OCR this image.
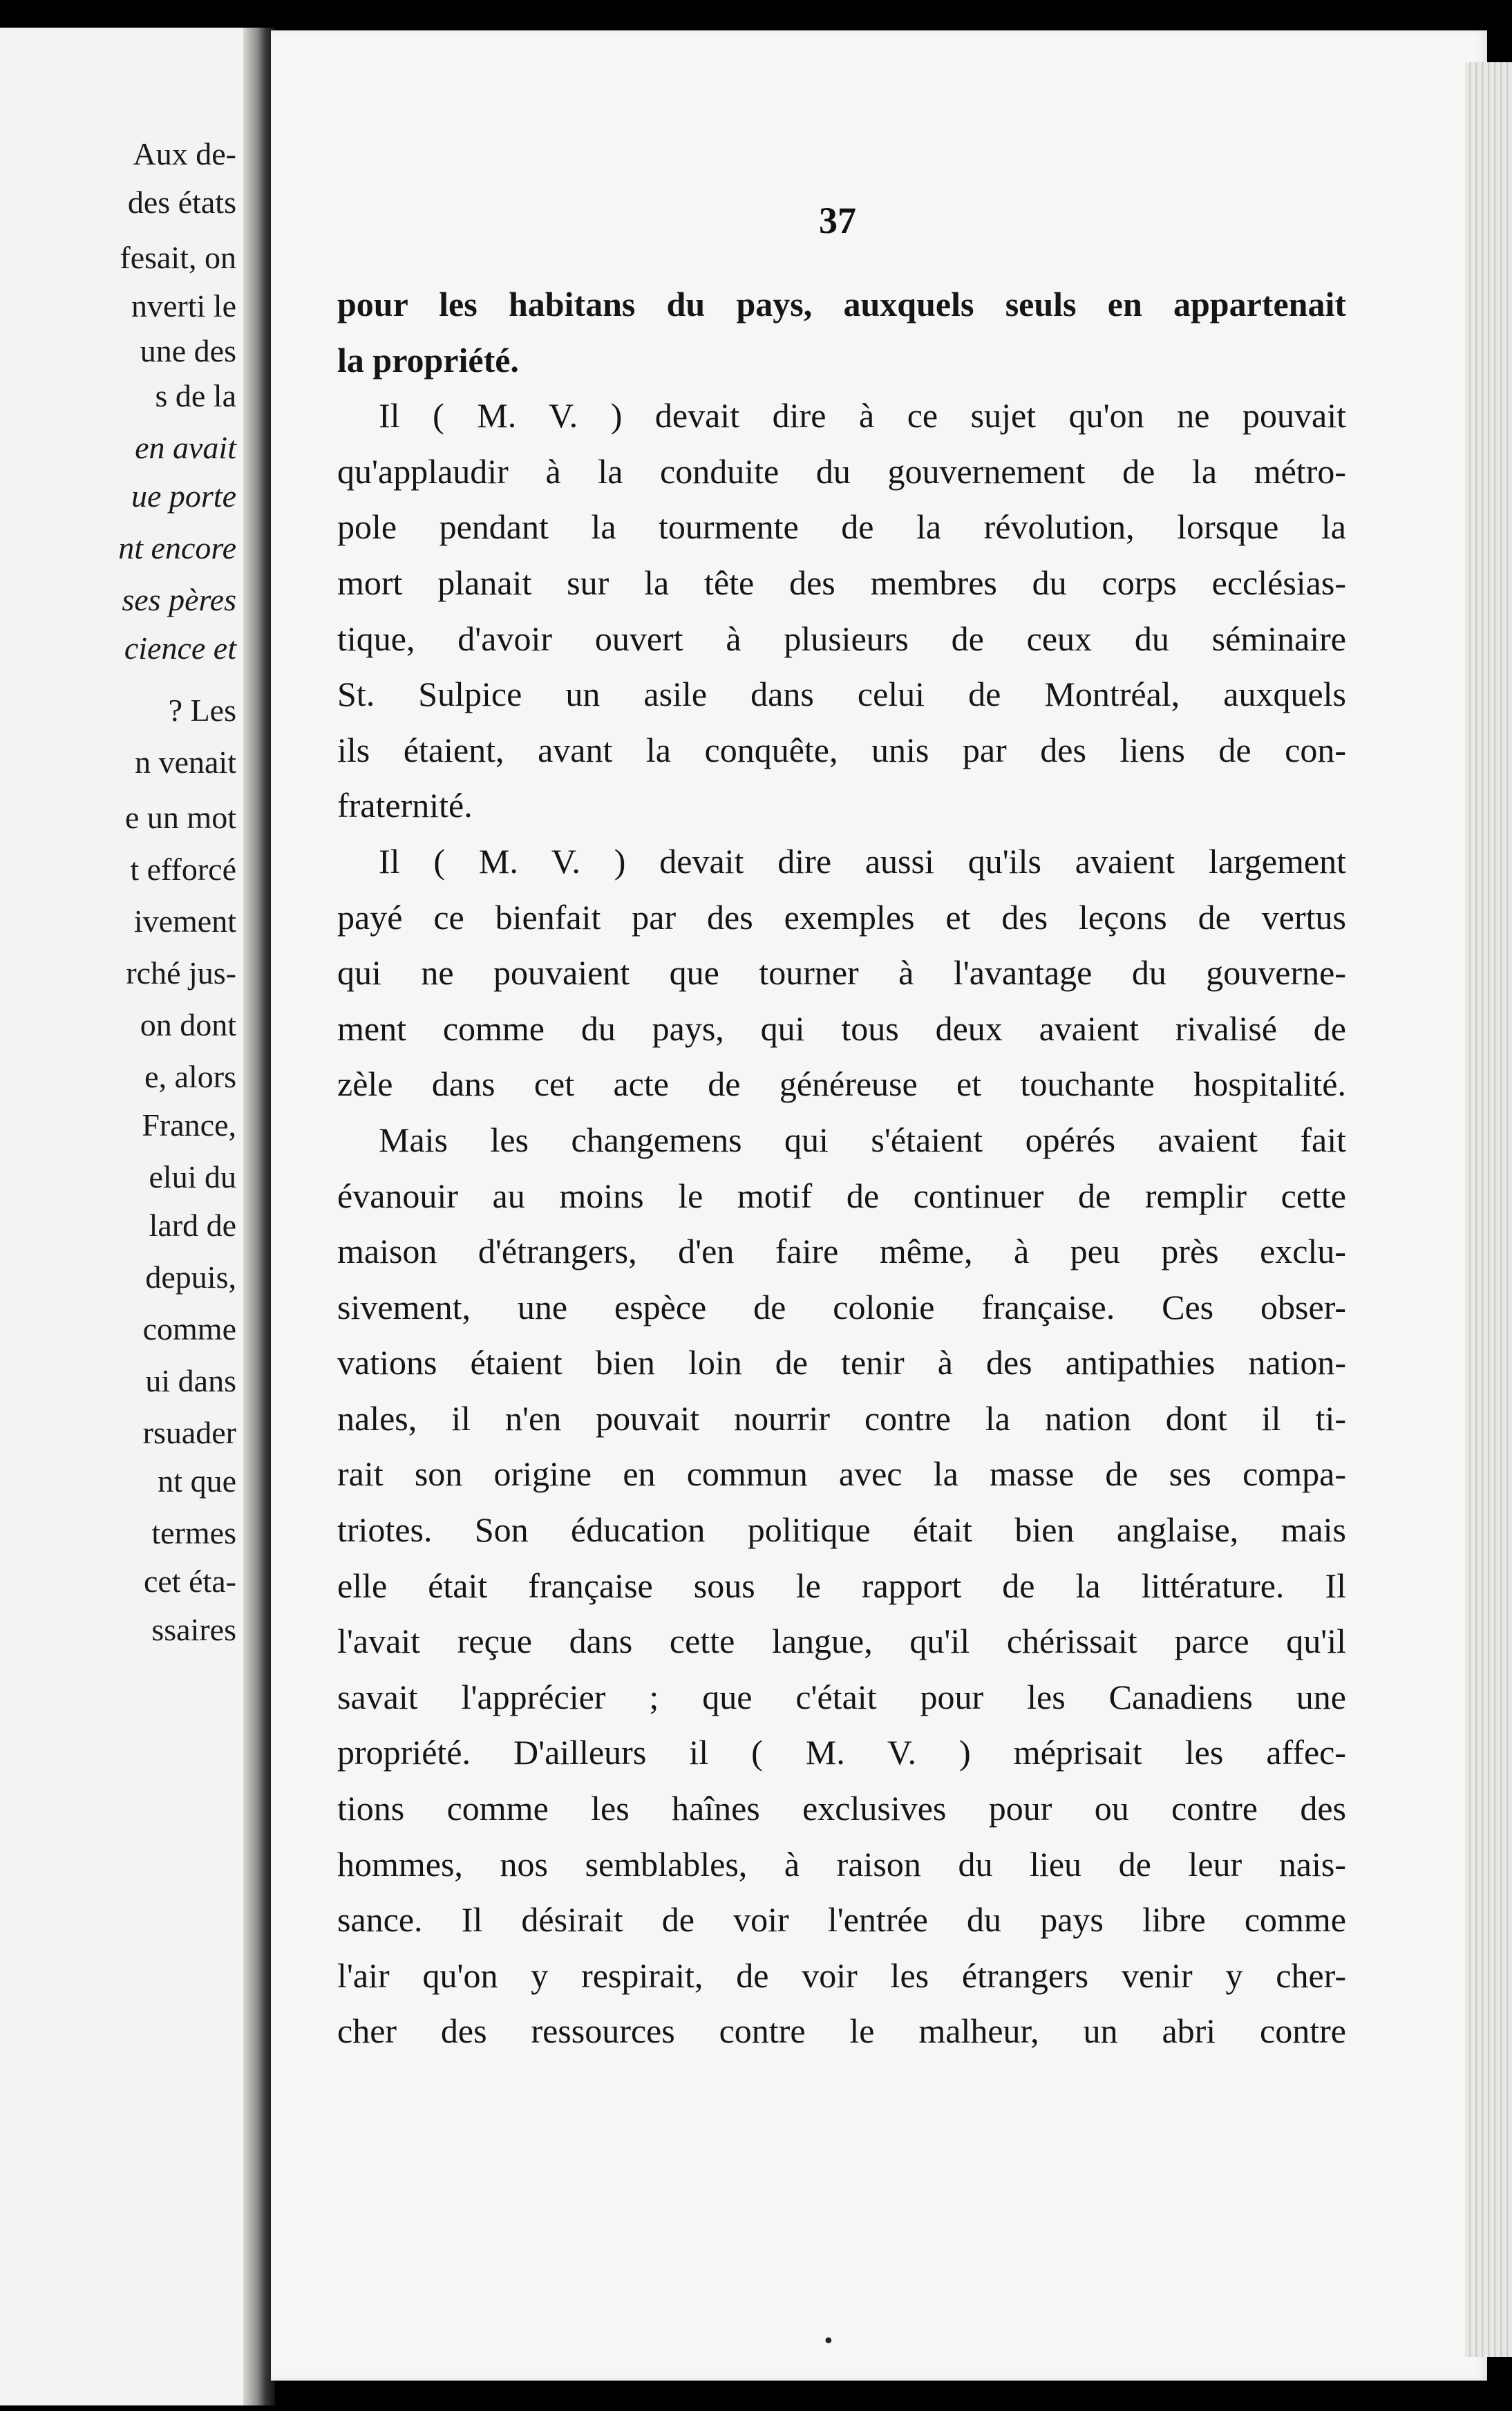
Aux de-
des états
fesait, on
nverti le
une des
s de la
en avait
ue porte
nt encore
ses pères
cience et
? Les
n venait
e un mot
t efforcé
ivement
rché jus-
on dont
e, alors
France,
elui du
lard de
depuis,
comme
ui dans
rsuader
nt que
termes
cet éta-
ssaires
37
pour les habitans du pays, auxquels seuls en appartenait
la propriété.
Il ( M. V. ) devait dire à ce sujet qu'on ne pouvait
qu'applaudir à la conduite du gouvernement de la métro-
pole pendant la tourmente de la révolution, lorsque la
mort planait sur la tête des membres du corps ecclésias-
tique, d'avoir ouvert à plusieurs de ceux du séminaire
St. Sulpice un asile dans celui de Montréal, auxquels
ils étaient, avant la conquête, unis par des liens de con-
fraternité.
Il ( M. V. ) devait dire aussi qu'ils avaient largement
payé ce bienfait par des exemples et des leçons de vertus
qui ne pouvaient que tourner à l'avantage du gouverne-
ment comme du pays, qui tous deux avaient rivalisé de
zèle dans cet acte de généreuse et touchante hospitalité.
Mais les changemens qui s'étaient opérés avaient fait
évanouir au moins le motif de continuer de remplir cette
maison d'étrangers, d'en faire même, à peu près exclu-
sivement, une espèce de colonie française. Ces obser-
vations étaient bien loin de tenir à des antipathies nation-
nales, il n'en pouvait nourrir contre la nation dont il ti-
rait son origine en commun avec la masse de ses compa-
triotes. Son éducation politique était bien anglaise, mais
elle était française sous le rapport de la littérature. Il
l'avait reçue dans cette langue, qu'il chérissait parce qu'il
savait l'apprécier ; que c'était pour les Canadiens une
propriété. D'ailleurs il ( M. V. ) méprisait les affec-
tions comme les haînes exclusives pour ou contre des
hommes, nos semblables, à raison du lieu de leur nais-
sance. Il désirait de voir l'entrée du pays libre comme
l'air qu'on y respirait, de voir les étrangers venir y cher-
cher des ressources contre le malheur, un abri contre
•
